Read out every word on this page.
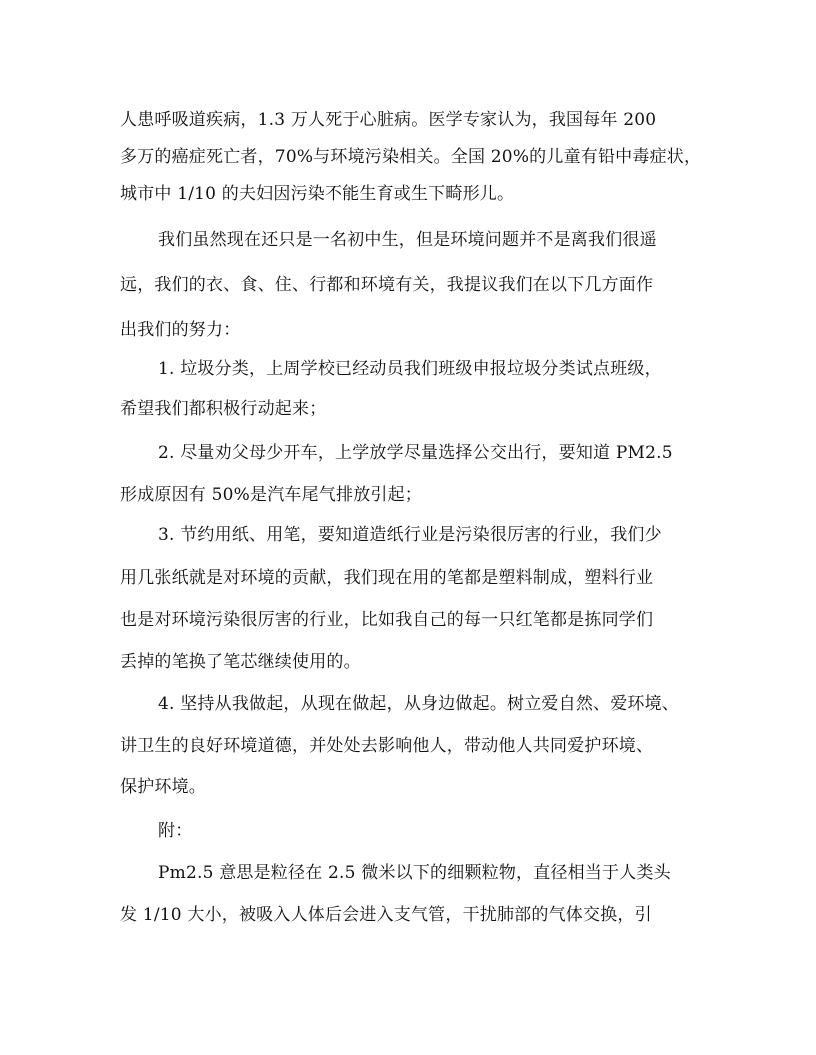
人患呼吸道疾病，1.3 万人死于心脏病。医学专家认为，我国每年 200
多万的癌症死亡者，70%与环境污染相关。全国 20%的儿童有铅中毒症状，
城市中 1/10 的夫妇因污染不能生育或生下畸形儿。
我们虽然现在还只是一名初中生，但是环境问题并不是离我们很遥
远，我们的衣、食、住、行都和环境有关，我提议我们在以下几方面作
出我们的努力：
1. 垃圾分类，上周学校已经动员我们班级申报垃圾分类试点班级，
希望我们都积极行动起来；
2. 尽量劝父母少开车，上学放学尽量选择公交出行，要知道 PM2.5
形成原因有 50%是汽车尾气排放引起；
3. 节约用纸、用笔，要知道造纸行业是污染很厉害的行业，我们少
用几张纸就是对环境的贡献，我们现在用的笔都是塑料制成，塑料行业
也是对环境污染很厉害的行业，比如我自己的每一只红笔都是拣同学们
丢掉的笔换了笔芯继续使用的。
4. 坚持从我做起，从现在做起，从身边做起。树立爱自然、爱环境、
讲卫生的良好环境道德，并处处去影响他人，带动他人共同爱护环境、
保护环境。
附：
Pm2.5 意思是粒径在 2.5 微米以下的细颗粒物，直径相当于人类头
发 1/10 大小，被吸入人体后会进入支气管，干扰肺部的气体交换，引
